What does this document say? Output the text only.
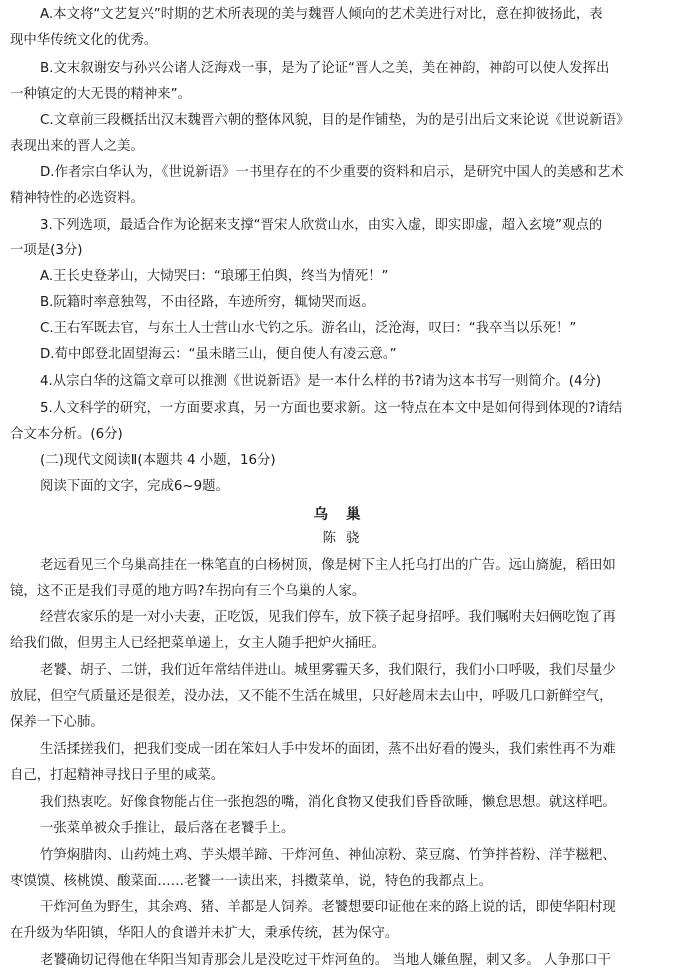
A.本文将“文艺复兴”时期的艺术所表现的美与魏晋人倾向的艺术美进行对比，意在抑彼扬此，表

现中华传统文化的优秀。

B.文末叙谢安与孙兴公诸人泛海戏一事，是为了论证“晋人之美，美在神韵，神韵可以使人发挥出

一种镇定的大无畏的精神来”。

C.文章前三段概括出汉末魏晋六朝的整体风貌，目的是作铺垫，为的是引出后文来论说《世说新语》

表现出来的晋人之美。

D.作者宗白华认为，《世说新语》一书里存在的不少重要的资料和启示，是研究中国人的美感和艺术

精神特性的必选资料。

3.下列选项，最适合作为论据来支撑“晋宋人欣赏山水，由实入虚，即实即虚，超入玄境”观点的

一项是(3分)

A.王长史登茅山，大恸哭曰：“琅琊王伯舆，终当为情死！”

B.阮籍时率意独驾，不由径路，车迹所穷，辄恸哭而返。

C.王右军既去官，与东土人士营山水弋钓之乐。游名山，泛沧海，叹曰：“我卒当以乐死！”

D.荀中郎登北固望海云：“虽未睹三山，便自使人有凌云意。”

4.从宗白华的这篇文章可以推测《世说新语》是一本什么样的书?请为这本书写一则简介。(4分)

5.人文科学的研究，一方面要求真，另一方面也要求新。这一特点在本文中是如何得到体现的?请结

合文本分析。(6分)

(二)现代文阅读Ⅱ(本题共 4 小题，16分)

阅读下面的文字，完成6~9题。

乌巢

陈骁

老远看见三个乌巢高挂在一株笔直的白杨树顶，像是树下主人托乌打出的广告。远山旖旎，稻田如

镜，这不正是我们寻觅的地方吗?车拐向有三个乌巢的人家。

经营农家乐的是一对小夫妻，正吃饭，见我们停车，放下筷子起身招呼。我们嘱咐夫妇俩吃饱了再

给我们做，但男主人已经把菜单递上，女主人随手把炉火捅旺。

老饕、胡子、二饼，我们近年常结伴进山。城里雾霾天多，我们限行，我们小口呼吸，我们尽量少

放屁，但空气质量还是很差，没办法，又不能不生活在城里，只好趁周末去山中，呼吸几口新鲜空气，

保养一下心肺。

生活揉搓我们，把我们变成一团在笨妇人手中发坏的面团，蒸不出好看的馒头，我们索性再不为难

自己，打起精神寻找日子里的咸菜。

我们热衷吃。好像食物能占住一张抱怨的嘴，消化食物又使我们昏昏欲睡，懒怠思想。就这样吧。

一张菜单被众手推让，最后落在老饕手上。

竹笋焖腊肉、山药炖土鸡、芋头煨羊蹄、干炸河鱼、神仙凉粉、菜豆腐、竹笋拌苔粉、洋芋糍粑、

枣馍馍、核桃馍、酸菜面……老饕一一读出来，抖擞菜单，说，特色的我都点上。

干炸河鱼为野生，其余鸡、猪、羊都是人饲养。老饕想要印证他在来的路上说的话，即使华阳村现

在升级为华阳镇，华阳人的食谱并未扩大，秉承传统，甚为保守。

老饕确切记得他在华阳当知青那会儿是没吃过干炸河鱼的。 当地人嫌鱼腥，刺又多。 人争那口干
